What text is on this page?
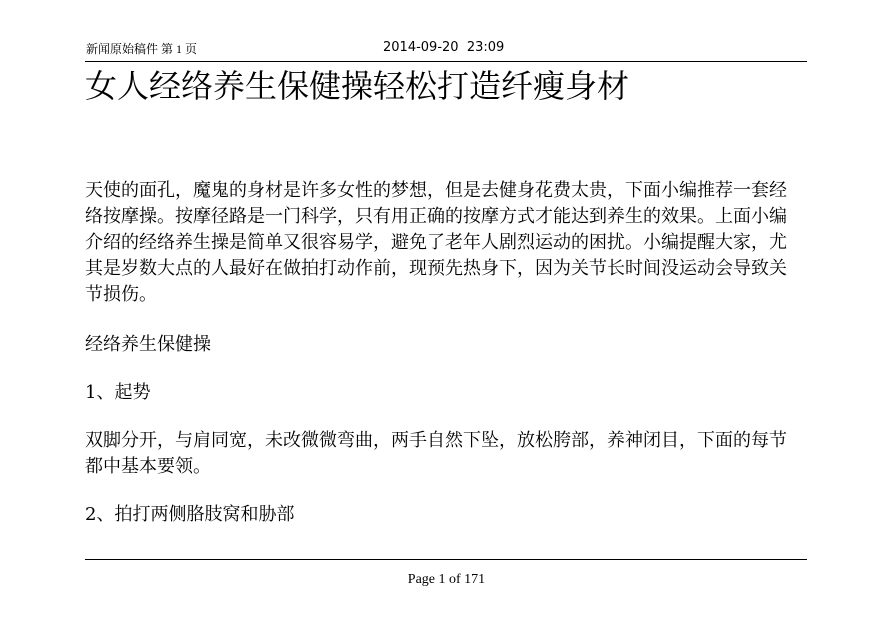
新闻原始稿件 第 1 页	2014-09-20  23:09
女人经络养生保健操轻松打造纤瘦身材

天使的面孔，魔鬼的身材是许多女性的梦想，但是去健身花费太贵，下面小编推荐一套经络按摩操。按摩径路是一门科学，只有用正确的按摩方式才能达到养生的效果。上面小编介绍的经络养生操是简单又很容易学，避免了老年人剧烈运动的困扰。小编提醒大家，尤其是岁数大点的人最好在做拍打动作前，现预先热身下，因为关节长时间没运动会导致关节损伤。

经络养生保健操

1、起势

双脚分开，与肩同宽，未改微微弯曲，两手自然下坠，放松胯部，养神闭目，下面的每节都中基本要领。

2、拍打两侧胳肢窝和胁部

Page 1 of 171
